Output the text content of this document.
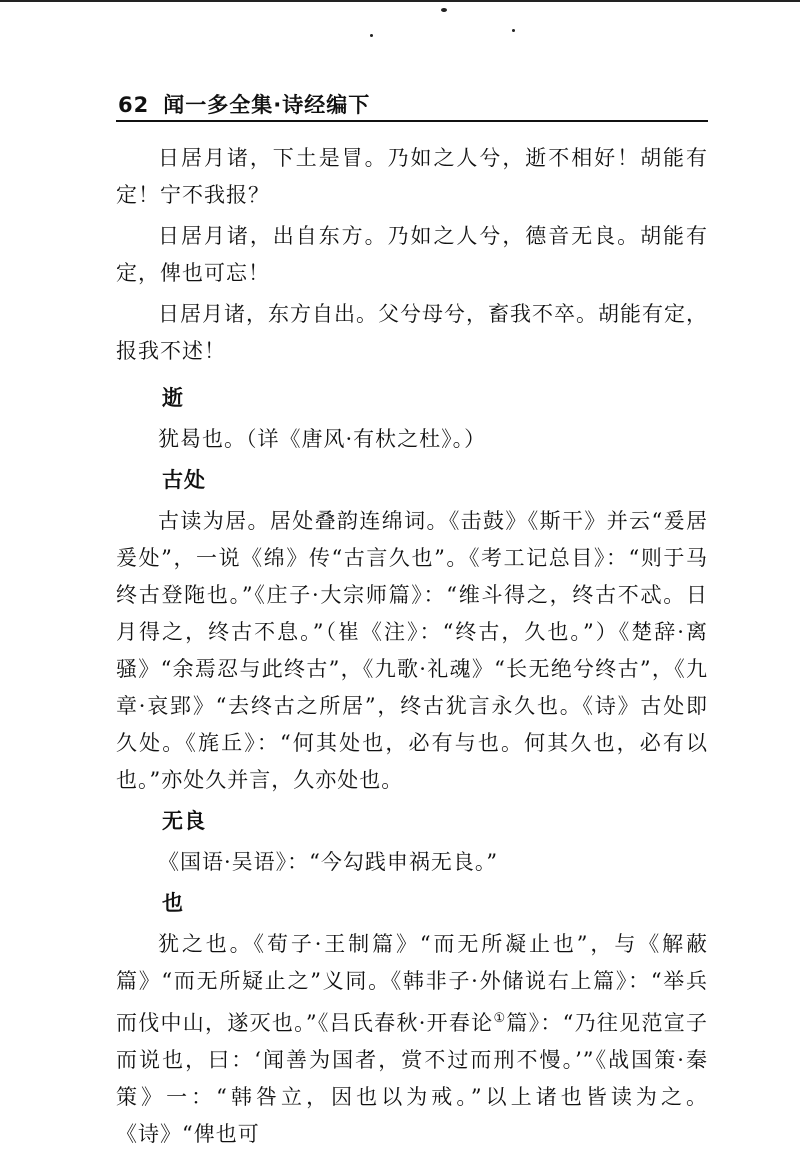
62 闻一多全集·诗经编下

日居月诸，下土是冒。乃如之人兮，逝不相好！胡能有定！宁不我报？

日居月诸，出自东方。乃如之人兮，德音无良。胡能有定，俾也可忘！

日居月诸，东方自出。父兮母兮，畜我不卒。胡能有定，报我不述！

逝

犹曷也。（详《唐风·有杕之杜》。）

古处

古读为居。居处叠韵连绵词。《击鼓》《斯干》并云“爰居爰处”，一说《绵》传“古言久也”。《考工记总目》：“则于马终古登陁也。”《庄子·大宗师篇》：“维斗得之，终古不忒。日月得之，终古不息。”（崔《注》：“终古，久也。”）《楚辞·离骚》“余焉忍与此终古”，《九歌·礼魂》“长无绝兮终古”，《九章·哀郢》“去终古之所居”，终古犹言永久也。《诗》古处即久处。《旄丘》：“何其处也，必有与也。何其久也，必有以也。”亦处久并言，久亦处也。

无良

《国语·吴语》：“今勾践申祸无良。”

也

犹之也。《荀子·王制篇》“而无所凝止也”，与《解蔽篇》“而无所疑止之”义同。《韩非子·外储说右上篇》：“举兵而伐中山，遂灭也。”《吕氏春秋·开春论①篇》：“乃往见范宣子而说也，曰：‘闻善为国者，赏不过而刑不慢。’”《战国策·秦策》一：“韩咎立，因也以为戒。”以上诸也皆读为之。《诗》“俾也可
